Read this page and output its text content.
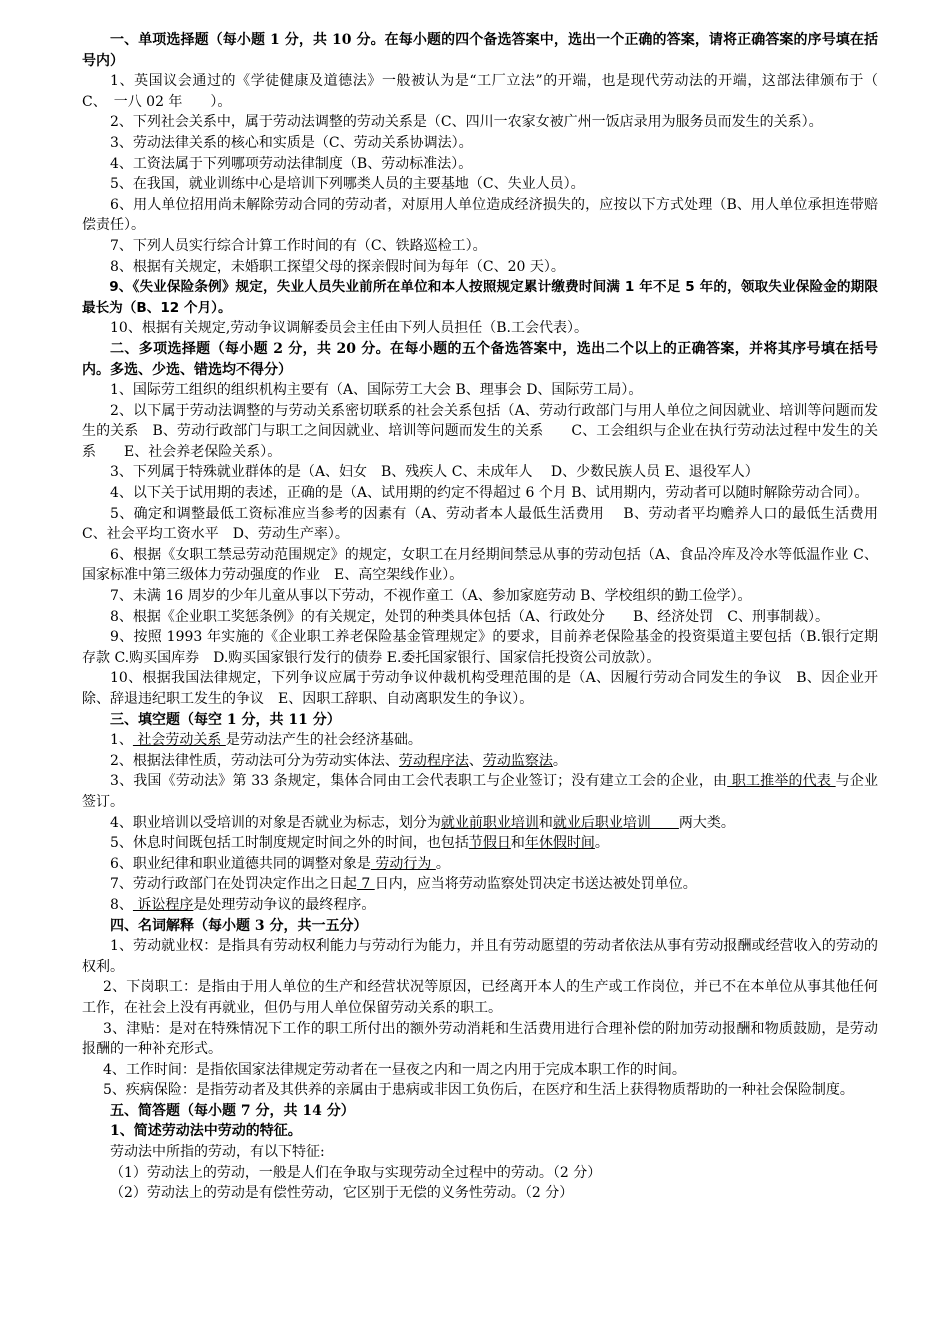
一、单项选择题（每小题 1 分，共 10 分。在每小题的四个备选答案中，选出一个正确的答案，请将正确答案的序号填在括号内）

1、英国议会通过的《学徒健康及道德法》一般被认为是“工厂立法”的开端，也是现代劳动法的开端，这部法律颁布于（　 C、　一八 02 年　　）。

2、下列社会关系中，属于劳动法调整的劳动关系是（C、四川一农家女被广州一饭店录用为服务员而发生的关系）。

3、劳动法律关系的核心和实质是（C、劳动关系协调法）。

4、工资法属于下列哪项劳动法律制度（B、劳动标准法）。

5、在我国，就业训练中心是培训下列哪类人员的主要基地（C、失业人员）。

6、用人单位招用尚未解除劳动合同的劳动者，对原用人单位造成经济损失的，应按以下方式处理（B、用人单位承担连带赔偿责任）。

7、下列人员实行综合计算工作时间的有（C、铁路巡检工）。

8、根据有关规定，未婚职工探望父母的探亲假时间为每年（C、20 天）。

9、《失业保险条例》规定，失业人员失业前所在单位和本人按照规定累计缴费时间满 1 年不足 5 年的，领取失业保险金的期限最长为（B、12 个月）。

10、根据有关规定,劳动争议调解委员会主任由下列人员担任（B.工会代表）。

二、多项选择题（每小题 2 分，共 20 分。在每小题的五个备选答案中，选出二个以上的正确答案，并将其序号填在括号内。多选、少选、错选均不得分）

1、国际劳工组织的组织机构主要有（A、国际劳工大会 B、理事会 D、国际劳工局）。

2、以下属于劳动法调整的与劳动关系密切联系的社会关系包括（A、劳动行政部门与用人单位之间因就业、培训等问题而发生的关系　B、劳动行政部门与职工之间因就业、培训等问题而发生的关系　　C、工会组织与企业在执行劳动法过程中发生的关系　　E、社会养老保险关系）。

3、下列属于特殊就业群体的是（A、妇女　B、残疾人 C、未成年人　 D、少数民族人员 E、退役军人）

4、以下关于试用期的表述，正确的是（A、试用期的约定不得超过 6 个月 B、试用期内，劳动者可以随时解除劳动合同）。

5、确定和调整最低工资标准应当参考的因素有（A、劳动者本人最低生活费用　 B、劳动者平均赡养人口的最低生活费用 C、社会平均工资水平　D、劳动生产率）。

6、根据《女职工禁忌劳动范围规定》的规定，女职工在月经期间禁忌从事的劳动包括（A、食品冷库及冷水等低温作业 C、国家标准中第三级体力劳动强度的作业　E、高空架线作业）。

7、未满 16 周岁的少年儿童从事以下劳动，不视作童工（A、参加家庭劳动 B、学校组织的勤工俭学）。

8、根据《企业职工奖惩条例》的有关规定，处罚的种类具体包括（A、行政处分　　B、经济处罚　C、刑事制裁）。

9、按照 1993 年实施的《企业职工养老保险基金管理规定》的要求，目前养老保险基金的投资渠道主要包括（B.银行定期存款 C.购买国库券　D.购买国家银行发行的债券 E.委托国家银行、国家信托投资公司放款）。

10、根据我国法律规定，下列争议应属于劳动争议仲裁机构受理范围的是（A、因履行劳动合同发生的争议　B、因企业开除、辞退违纪职工发生的争议　E、因职工辞职、自动离职发生的争议）。

三、填空题（每空 1 分，共 11 分）

1、 社会劳动关系 是劳动法产生的社会经济基础。

2、根据法律性质，劳动法可分为劳动实体法、劳动程序法、劳动监察法。

3、我国《劳动法》第 33 条规定，集体合同由工会代表职工与企业签订；没有建立工会的企业，由 职工推举的代表 与企业签订。

4、职业培训以受培训的对象是否就业为标志，划分为就业前职业培训和就业后职业培训　　两大类。

5、休息时间既包括工时制度规定时间之外的时间，也包括节假日和年休假时间。

6、职业纪律和职业道德共同的调整对象是 劳动行为 。

7、劳动行政部门在处罚决定作出之日起 7 日内，应当将劳动监察处罚决定书送达被处罚单位。

8、 诉讼程序是处理劳动争议的最终程序。

四、名词解释（每小题 3 分，共一五分）

1、劳动就业权：是指具有劳动权利能力与劳动行为能力，并且有劳动愿望的劳动者依法从事有劳动报酬或经营收入的劳动的权利。

2、下岗职工：是指由于用人单位的生产和经营状况等原因，已经离开本人的生产或工作岗位，并已不在本单位从事其他任何工作，在社会上没有再就业，但仍与用人单位保留劳动关系的职工。

3、津贴：是对在特殊情况下工作的职工所付出的额外劳动消耗和生活费用进行合理补偿的附加劳动报酬和物质鼓励，是劳动报酬的一种补充形式。

4、工作时间：是指依国家法律规定劳动者在一昼夜之内和一周之内用于完成本职工作的时间。

5、疾病保险：是指劳动者及其供养的亲属由于患病或非因工负伤后，在医疗和生活上获得物质帮助的一种社会保险制度。

五、简答题（每小题 7 分，共 14 分）

1、简述劳动法中劳动的特征。

劳动法中所指的劳动，有以下特征:

（1）劳动法上的劳动，一般是人们在争取与实现劳动全过程中的劳动。（2 分）

（2）劳动法上的劳动是有偿性劳动，它区别于无偿的义务性劳动。（2 分）
